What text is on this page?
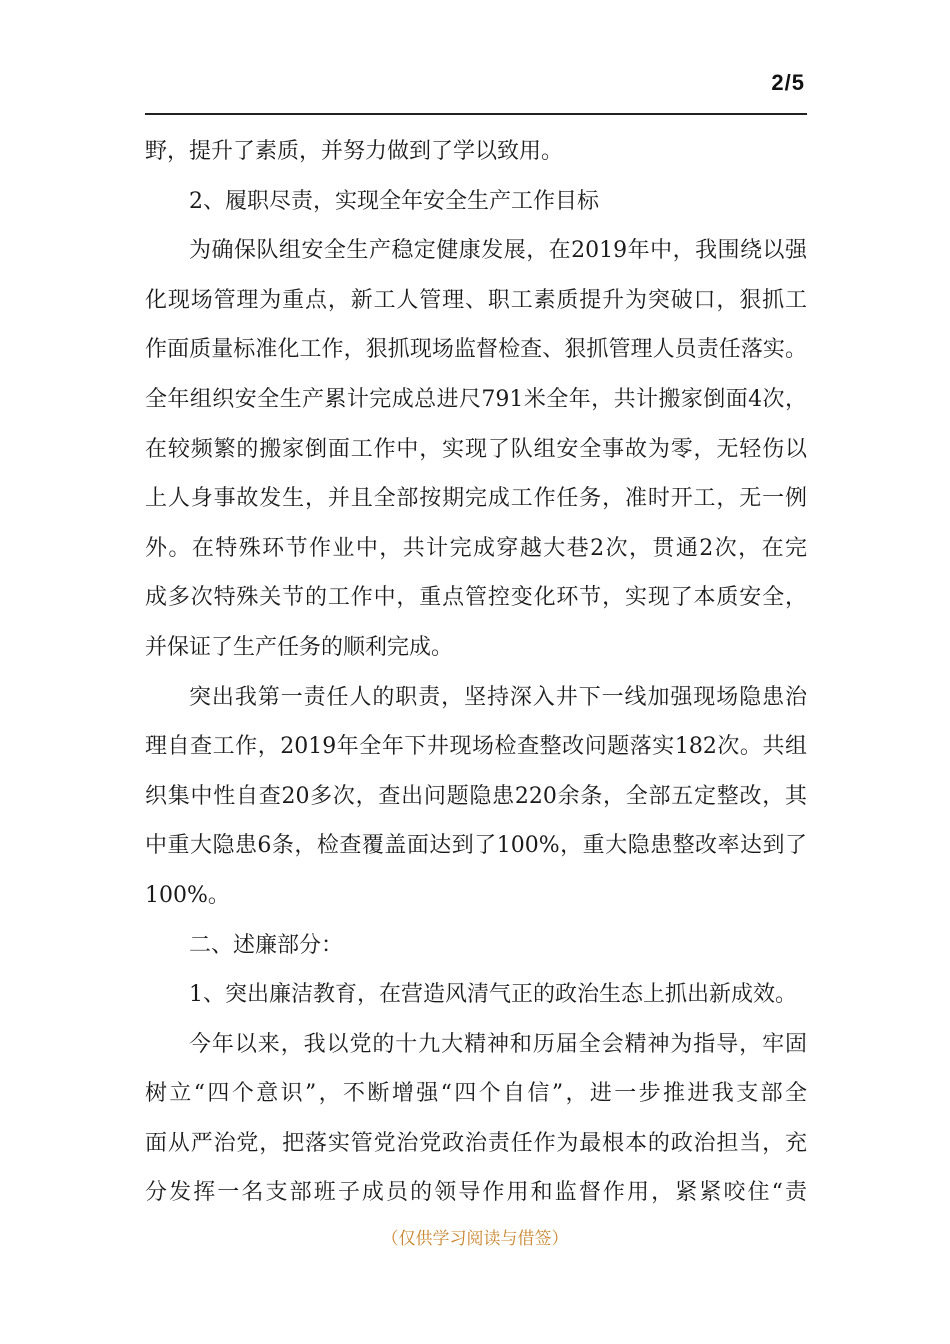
2/5
野，提升了素质，并努力做到了学以致用。
2、履职尽责，实现全年安全生产工作目标
为确保队组安全生产稳定健康发展，在2019年中，我围绕以强
化现场管理为重点，新工人管理、职工素质提升为突破口，狠抓工
作面质量标准化工作，狠抓现场监督检查、狠抓管理人员责任落实。
全年组织安全生产累计完成总进尺791米全年，共计搬家倒面4次，
在较频繁的搬家倒面工作中，实现了队组安全事故为零，无轻伤以
上人身事故发生，并且全部按期完成工作任务，准时开工，无一例
外。在特殊环节作业中，共计完成穿越大巷2次，贯通2次，在完
成多次特殊关节的工作中，重点管控变化环节，实现了本质安全，
并保证了生产任务的顺利完成。
突出我第一责任人的职责，坚持深入井下一线加强现场隐患治
理自查工作，2019年全年下井现场检查整改问题落实182次。共组
织集中性自查20多次，查出问题隐患220余条，全部五定整改，其
中重大隐患6条，检查覆盖面达到了100%，重大隐患整改率达到了
100%。
二、述廉部分：
1、突出廉洁教育，在营造风清气正的政治生态上抓出新成效。
今年以来，我以党的十九大精神和历届全会精神为指导，牢固
树立“四个意识”，不断增强“四个自信”，进一步推进我支部全
面从严治党，把落实管党治党政治责任作为最根本的政治担当，充
分发挥一名支部班子成员的领导作用和监督作用，紧紧咬住“责
（仅供学习阅读与借签）
